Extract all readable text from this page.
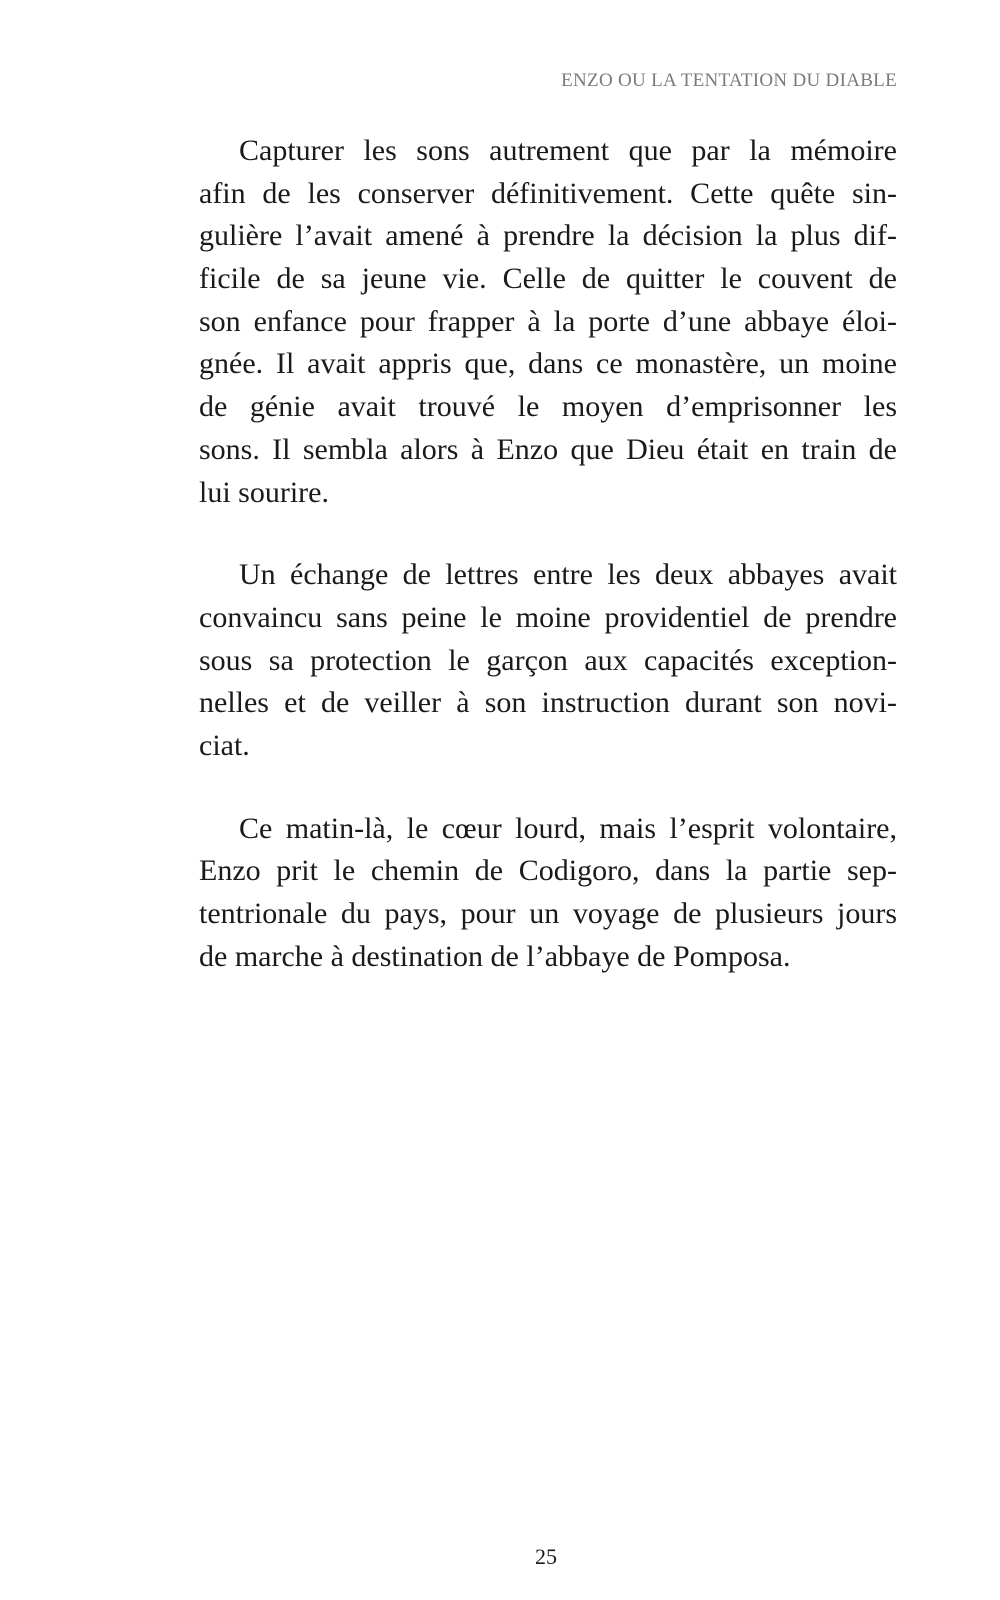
ENZO OU LA TENTATION DU DIABLE

Capturer les sons autrement que par la mémoire
afin de les conserver définitivement. Cette quête sin-
gulière l’avait amené à prendre la décision la plus dif-
ficile de sa jeune vie. Celle de quitter le couvent de
son enfance pour frapper à la porte d’une abbaye éloi-
gnée. Il avait appris que, dans ce monastère, un moine
de génie avait trouvé le moyen d’emprisonner les
sons. Il sembla alors à Enzo que Dieu était en train de
lui sourire.

Un échange de lettres entre les deux abbayes avait
convaincu sans peine le moine providentiel de prendre
sous sa protection le garçon aux capacités exception-
nelles et de veiller à son instruction durant son novi-
ciat.

Ce matin-là, le cœur lourd, mais l’esprit volontaire,
Enzo prit le chemin de Codigoro, dans la partie sep-
tentrionale du pays, pour un voyage de plusieurs jours
de marche à destination de l’abbaye de Pomposa.

25
